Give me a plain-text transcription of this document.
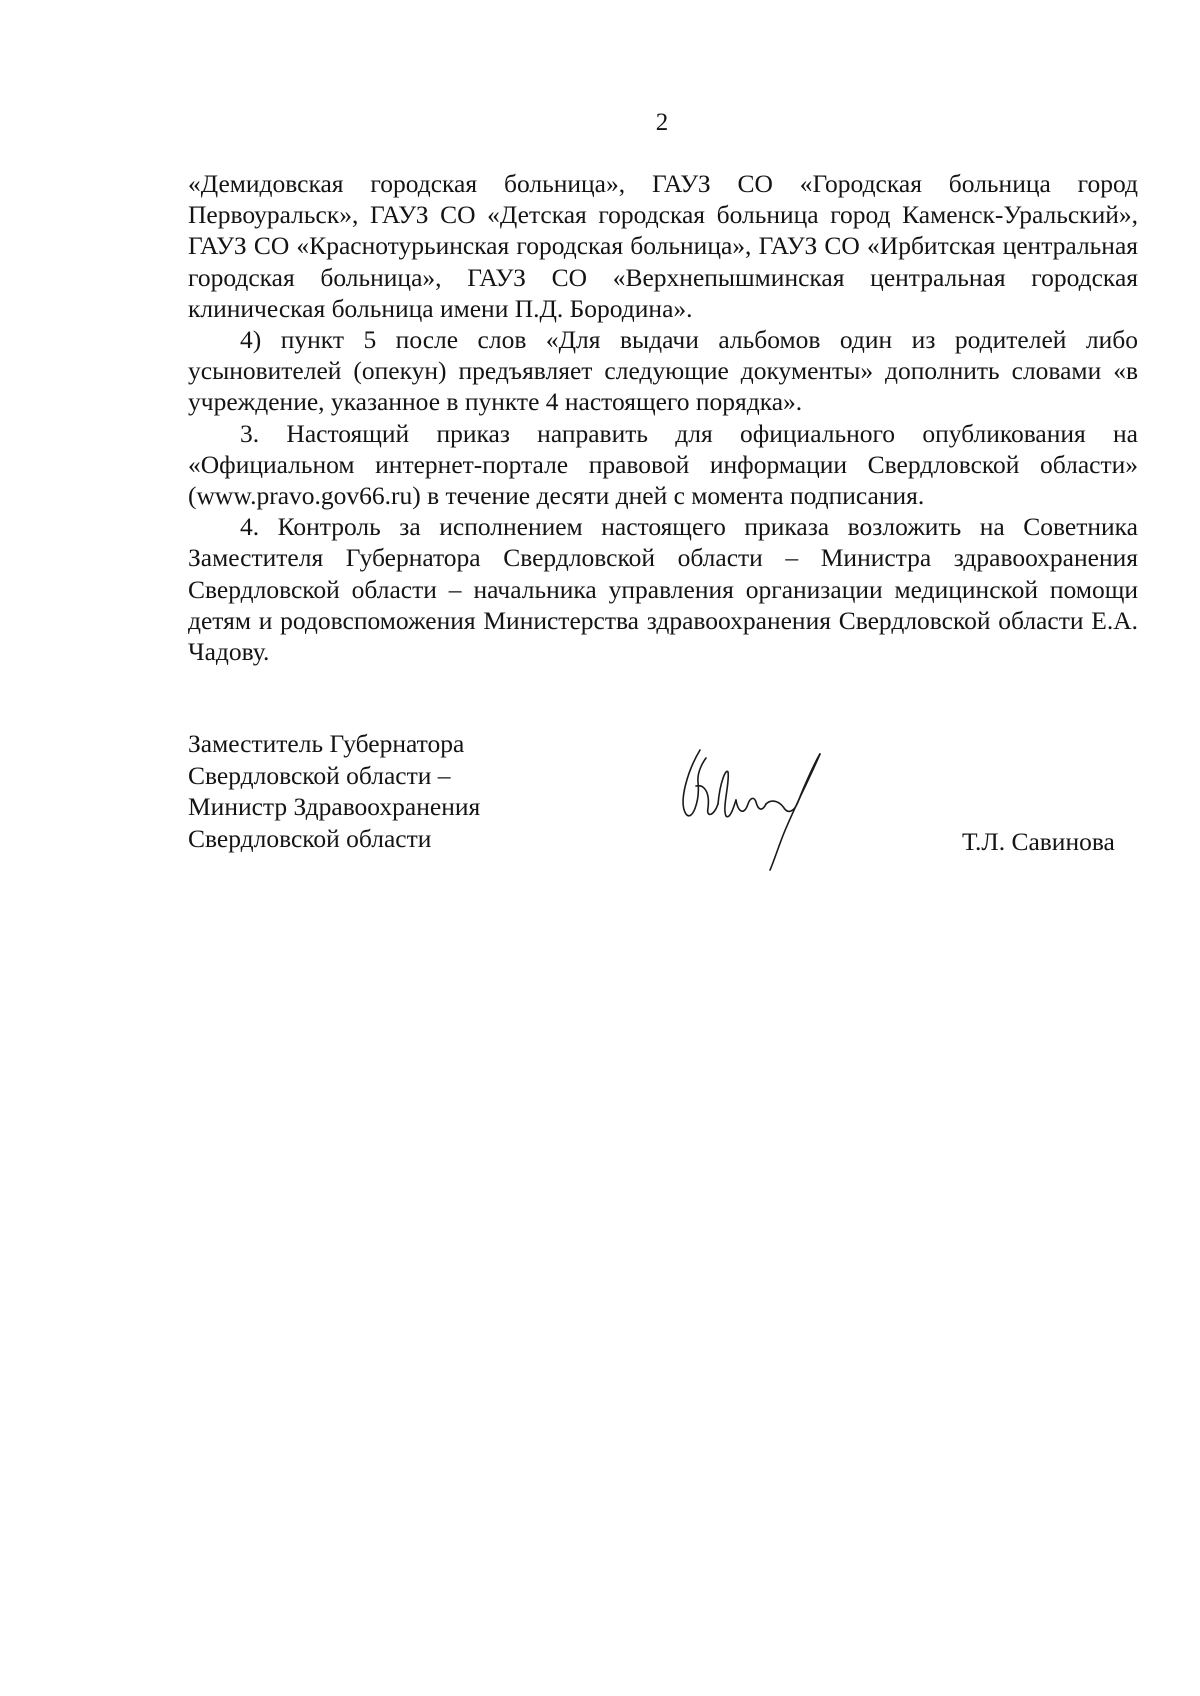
2

«Демидовская городская больница», ГАУЗ СО «Городская больница город Первоуральск», ГАУЗ СО «Детская городская больница город Каменск-Уральский», ГАУЗ СО «Краснотурьинская городская больница», ГАУЗ СО «Ирбитская центральная городская больница», ГАУЗ СО «Верхнепышминская центральная городская клиническая больница имени П.Д. Бородина».

4) пункт 5 после слов «Для выдачи альбомов один из родителей либо усыновителей (опекун) предъявляет следующие документы» дополнить словами «в учреждение, указанное в пункте 4 настоящего порядка».

3. Настоящий приказ направить для официального опубликования на «Официальном интернет-портале правовой информации Свердловской области» (www.pravo.gov66.ru) в течение десяти дней с момента подписания.

4. Контроль за исполнением настоящего приказа возложить на Советника Заместителя Губернатора Свердловской области – Министра здравоохранения Свердловской области – начальника управления организации медицинской помощи детям и родовспоможения Министерства здравоохранения Свердловской области Е.А. Чадову.

Заместитель Губернатора
Свердловской области –
Министр Здравоохранения
Свердловской области	Т.Л. Савинова
